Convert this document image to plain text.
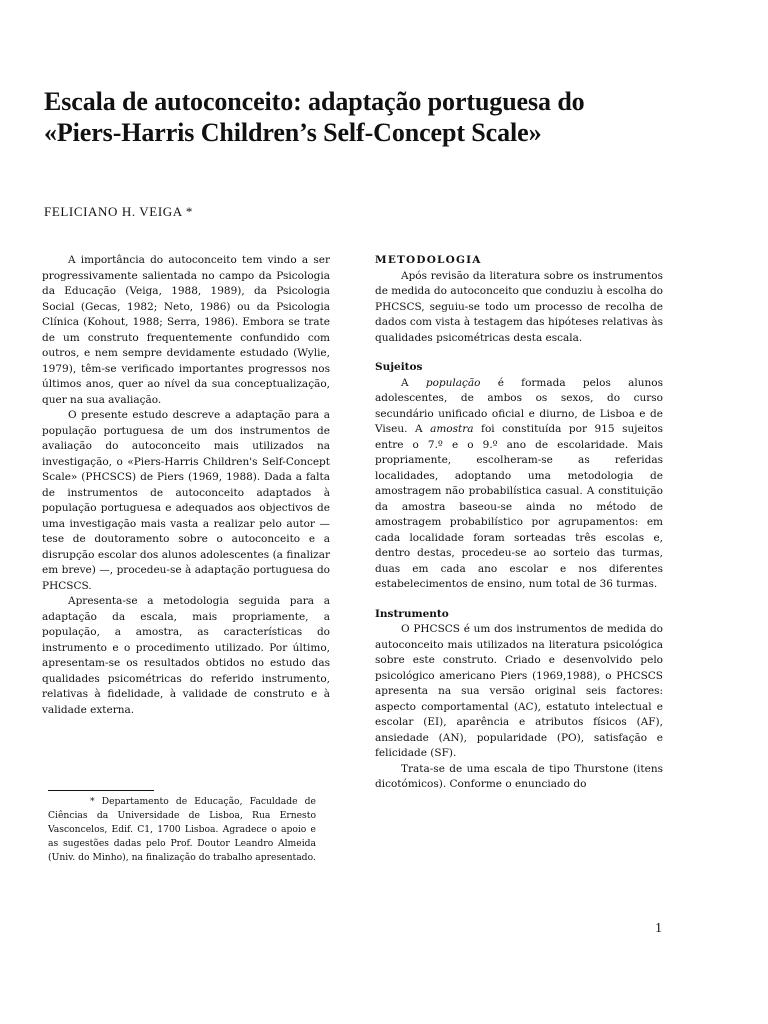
Escala de autoconceito: adaptação portuguesa do
«Piers-Harris Children’s Self-Concept Scale»

FELICIANO H. VEIGA *

A importância do autoconceito tem vindo a ser progressivamente salientada no campo da Psicologia da Educação (Veiga, 1988, 1989), da Psicologia Social (Gecas, 1982; Neto, 1986) ou da Psicologia Clínica (Kohout, 1988; Serra, 1986). Embora se trate de um construto frequentemente confundido com outros, e nem sempre devidamente estudado (Wylie, 1979), têm-se verificado importantes progressos nos últimos anos, quer ao nível da sua conceptualização, quer na sua avaliação.

O presente estudo descreve a adaptação para a população portuguesa de um dos instrumentos de avaliação do autoconceito mais utilizados na investigação, o «Piers-Harris Children's Self-Concept Scale» (PHCSCS) de Piers (1969, 1988). Dada a falta de instrumentos de autoconceito adaptados à população portuguesa e adequados aos objectivos de uma investigação mais vasta a realizar pelo autor — tese de doutoramento sobre o autoconceito e a disrupção escolar dos alunos adolescentes (a finalizar em breve) —, procedeu-se à adaptação portuguesa do PHCSCS.

Apresenta-se a metodologia seguida para a adaptação da escala, mais propriamente, a população, a amostra, as características do instrumento e o procedimento utilizado. Por último, apresentam-se os resultados obtidos no estudo das qualidades psicométricas do referido instrumento, relativas à fidelidade, à validade de construto e à validade externa.

* Departamento de Educação, Faculdade de Ciências da Universidade de Lisboa, Rua Ernesto Vasconcelos, Edif. C1, 1700 Lisboa. Agradece o apoio e as sugestões dadas pelo Prof. Doutor Leandro Almeida (Univ. do Minho), na finalização do trabalho apresentado.

METODOLOGIA

Após revisão da literatura sobre os instrumentos de medida do autoconceito que conduziu à escolha do PHCSCS, seguiu-se todo um processo de recolha de dados com vista à testagem das hipóteses relativas às qualidades psicométricas desta escala.

Sujeitos

A população é formada pelos alunos adolescentes, de ambos os sexos, do curso secundário unificado oficial e diurno, de Lisboa e de Viseu. A amostra foi constituída por 915 sujeitos entre o 7.º e o 9.º ano de escolaridade. Mais propriamente, escolheram-se as referidas localidades, adoptando uma metodologia de amostragem não probabilística casual. A constituição da amostra baseou-se ainda no método de amostragem probabilístico por agrupamentos: em cada localidade foram sorteadas três escolas e, dentro destas, procedeu-se ao sorteio das turmas, duas em cada ano escolar e nos diferentes estabelecimentos de ensino, num total de 36 turmas.

Instrumento

O PHCSCS é um dos instrumentos de medida do autoconceito mais utilizados na literatura psicológica sobre este construto. Criado e desenvolvido pelo psicológico americano Piers (1969,1988), o PHCSCS apresenta na sua versão original seis factores: aspecto comportamental (AC), estatuto intelectual e escolar (EI), aparência e atributos físicos (AF), ansiedade (AN), popularidade (PO), satisfação e felicidade (SF).

Trata-se de uma escala de tipo Thurstone (itens dicotómicos). Conforme o enunciado do

1
